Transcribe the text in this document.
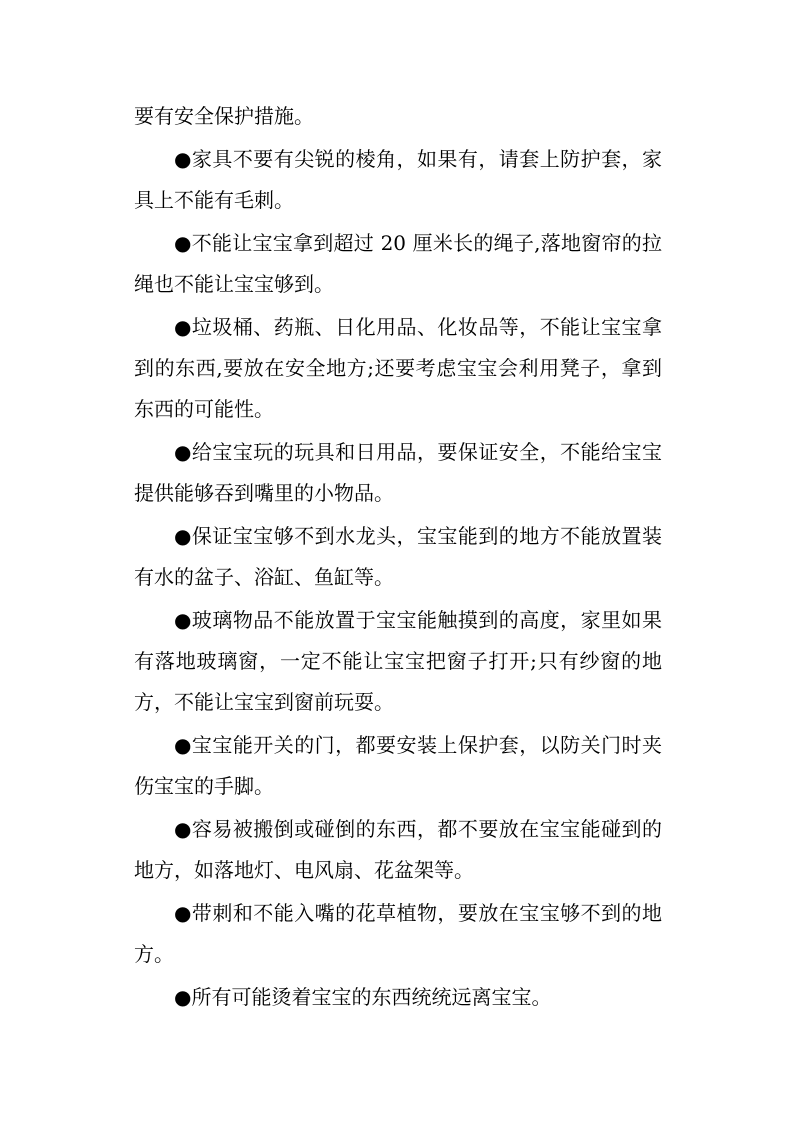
要有安全保护措施。

●家具不要有尖锐的棱角，如果有，请套上防护套，家具上不能有毛刺。

●不能让宝宝拿到超过 20 厘米长的绳子,落地窗帘的拉绳也不能让宝宝够到。

●垃圾桶、药瓶、日化用品、化妆品等，不能让宝宝拿到的东西,要放在安全地方;还要考虑宝宝会利用凳子，拿到东西的可能性。

●给宝宝玩的玩具和日用品，要保证安全，不能给宝宝提供能够吞到嘴里的小物品。

●保证宝宝够不到水龙头，宝宝能到的地方不能放置装有水的盆子、浴缸、鱼缸等。

●玻璃物品不能放置于宝宝能触摸到的高度，家里如果有落地玻璃窗，一定不能让宝宝把窗子打开;只有纱窗的地方，不能让宝宝到窗前玩耍。

●宝宝能开关的门，都要安装上保护套，以防关门时夹伤宝宝的手脚。

●容易被搬倒或碰倒的东西，都不要放在宝宝能碰到的地方，如落地灯、电风扇、花盆架等。

●带刺和不能入嘴的花草植物，要放在宝宝够不到的地方。

●所有可能烫着宝宝的东西统统远离宝宝。
